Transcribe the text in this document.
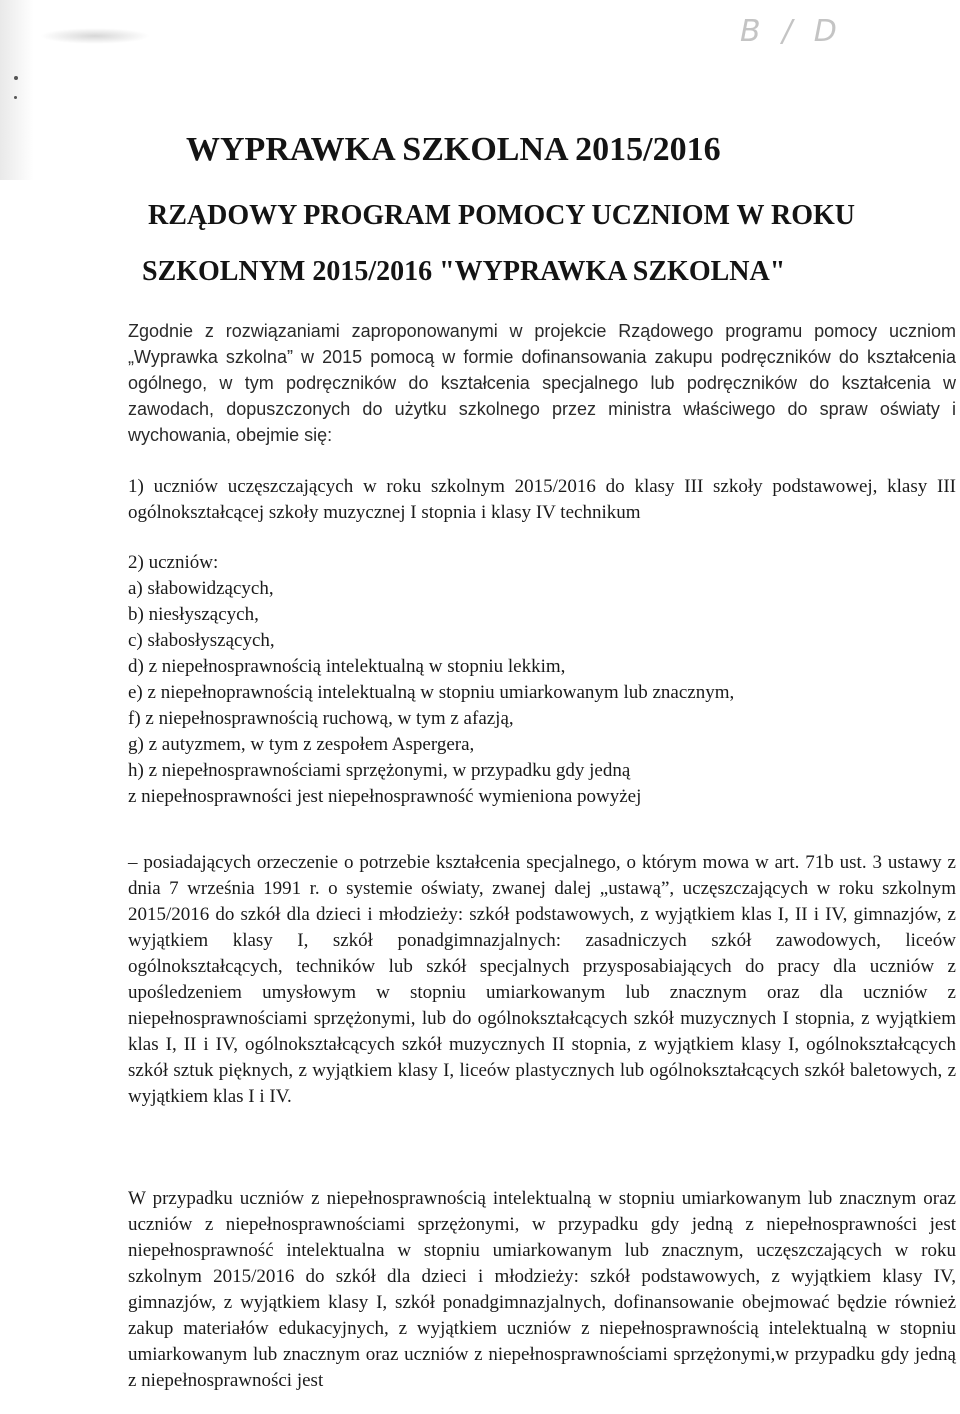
B / D
WYPRAWKA SZKOLNA 2015/2016
RZĄDOWY PROGRAM POMOCY UCZNIOM W ROKU
SZKOLNYM 2015/2016 "WYPRAWKA SZKOLNA"

Zgodnie z rozwiązaniami zaproponowanymi w projekcie Rządowego programu pomocy uczniom „Wyprawka szkolna” w 2015 pomocą w formie dofinansowania zakupu podręczników do kształcenia ogólnego, w tym podręczników do kształcenia specjalnego lub podręczników do kształcenia w zawodach, dopuszczonych do użytku szkolnego przez ministra właściwego do spraw oświaty i wychowania, obejmie się:

1) uczniów uczęszczających w roku szkolnym 2015/2016 do klasy III szkoły podstawowej, klasy III ogólnokształcącej szkoły muzycznej I stopnia i klasy IV technikum

2) uczniów:
a) słabowidzących,
b) niesłyszących,
c) słabosłyszących,
d) z niepełnosprawnością intelektualną w stopniu lekkim,
e) z niepełnoprawnością intelektualną w stopniu umiarkowanym lub znacznym,
f) z niepełnosprawnością ruchową, w tym z afazją,
g) z autyzmem, w tym z zespołem Aspergera,
h) z niepełnosprawnościami sprzężonymi, w przypadku gdy jedną
z niepełnosprawności jest niepełnosprawność wymieniona powyżej

– posiadających orzeczenie o potrzebie kształcenia specjalnego, o którym mowa w art. 71b ust. 3 ustawy z dnia 7 września 1991 r. o systemie oświaty, zwanej dalej „ustawą”, uczęszczających w roku szkolnym 2015/2016 do szkół dla dzieci i młodzieży: szkół podstawowych, z wyjątkiem klas I, II i IV, gimnazjów, z wyjątkiem klasy I, szkół ponadgimnazjalnych: zasadniczych szkół zawodowych, liceów ogólnokształcących, techników lub szkół specjalnych przysposabiających do pracy dla uczniów z upośledzeniem umysłowym w stopniu umiarkowanym lub znacznym oraz dla uczniów z niepełnosprawnościami sprzężonymi, lub do ogólnokształcących szkół muzycznych I stopnia, z wyjątkiem klas I, II i IV, ogólnokształcących szkół muzycznych II stopnia, z wyjątkiem klasy I, ogólnokształcących szkół sztuk pięknych, z wyjątkiem klasy I, liceów plastycznych lub ogólnokształcących szkół baletowych, z wyjątkiem klas I i IV.

W przypadku uczniów z niepełnosprawnością intelektualną w stopniu umiarkowanym lub znacznym oraz uczniów z niepełnosprawnościami sprzężonymi, w przypadku gdy jedną z niepełnosprawności jest niepełnosprawność intelektualna w stopniu umiarkowanym lub znacznym, uczęszczających w roku szkolnym 2015/2016 do szkół dla dzieci i młodzieży: szkół podstawowych, z wyjątkiem klasy IV, gimnazjów, z wyjątkiem klasy I, szkół ponadgimnazjalnych, dofinansowanie obejmować będzie również zakup materiałów edukacyjnych, z wyjątkiem uczniów z niepełnosprawnością intelektualną w stopniu umiarkowanym lub znacznym oraz uczniów z niepełnosprawnościami sprzężonymi,w przypadku gdy jedną z niepełnosprawności jest
